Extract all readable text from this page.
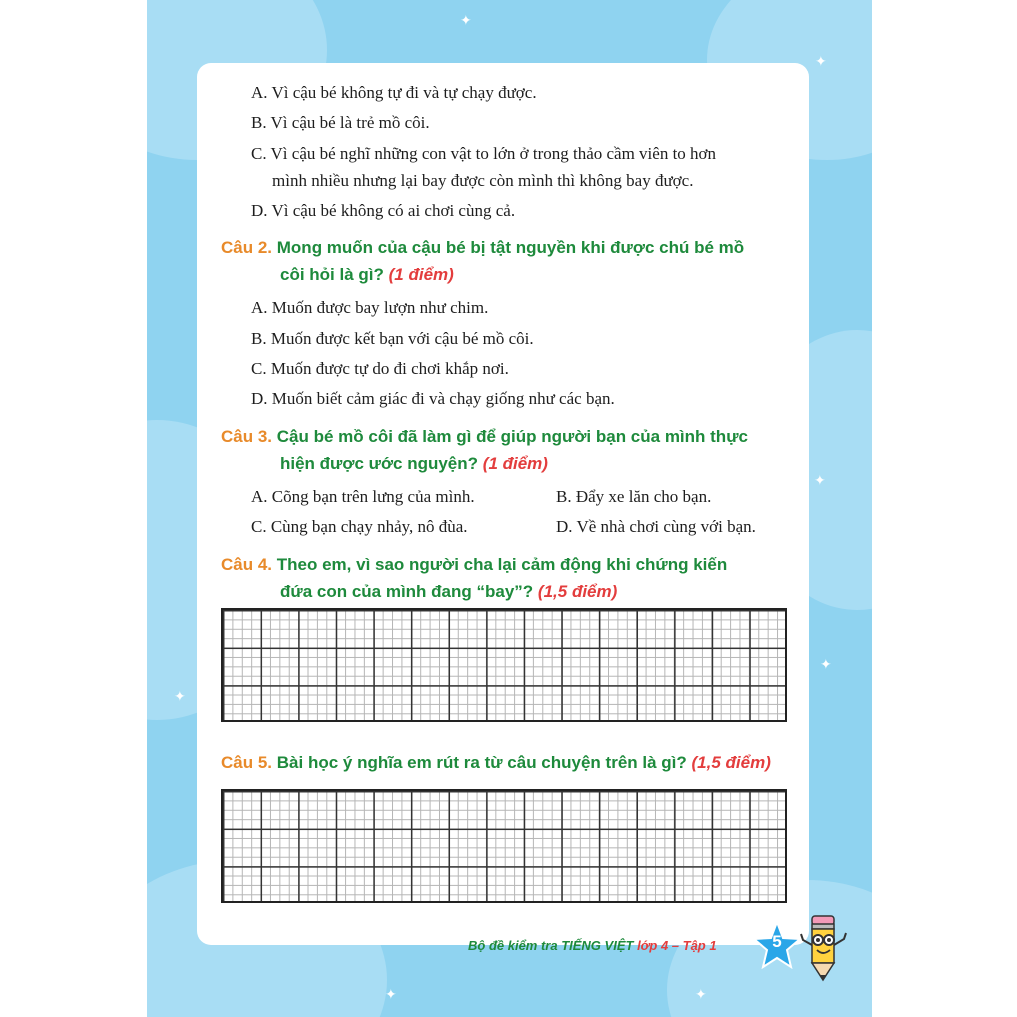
✦
✦
✦
✦
✦
✦	✦
A. Vì cậu bé không tự đi và tự chạy được.
B. Vì cậu bé là trẻ mồ côi.
C. Vì cậu bé nghĩ những con vật to lớn ở trong thảo cầm viên to hơn
mình nhiều nhưng lại bay được còn mình thì không bay được.
D. Vì cậu bé không có ai chơi cùng cả.
Câu 2. Mong muốn của cậu bé bị tật nguyền khi được chú bé mồ
côi hỏi là gì? (1 điểm)
A. Muốn được bay lượn như chim.
B. Muốn được kết bạn với cậu bé mồ côi.
C. Muốn được tự do đi chơi khắp nơi.
D. Muốn biết cảm giác đi và chạy giống như các bạn.
Câu 3. Cậu bé mồ côi đã làm gì để giúp người bạn của mình thực
hiện được ước nguyện? (1 điểm)
A. Cõng bạn trên lưng của mình.	B. Đẩy xe lăn cho bạn.
C. Cùng bạn chạy nhảy, nô đùa.	D. Về nhà chơi cùng với bạn.
Câu 4. Theo em, vì sao người cha lại cảm động khi chứng kiến
đứa con của mình đang “bay”? (1,5 điểm)
Câu 5. Bài học ý nghĩa em rút ra từ câu chuyện trên là gì? (1,5 điểm)
Bộ đề kiểm tra TIẾNG VIỆT lớp 4 – Tập 1	5
